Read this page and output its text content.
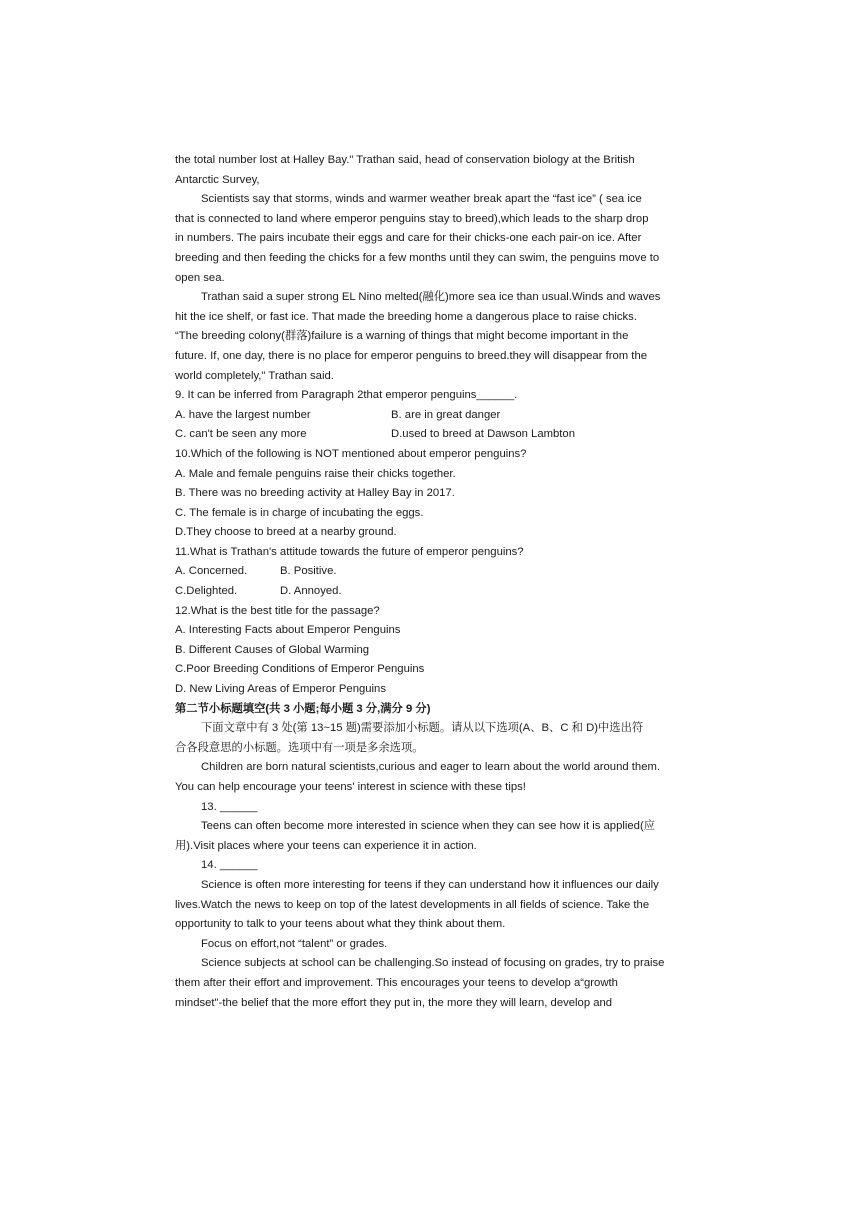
the total number lost at Halley Bay." Trathan said, head of conservation biology at the British
Antarctic Survey,
Scientists say that storms, winds and warmer weather break apart the “fast ice” ( sea ice
that is connected to land where emperor penguins stay to breed),which leads to the sharp drop
in numbers. The pairs incubate their eggs and care for their chicks-one each pair-on ice. After
breeding and then feeding the chicks for a few months until they can swim, the penguins move to
open sea.
Trathan said a super strong EL Nino melted(融化)more sea ice than usual.Winds and waves
hit the ice shelf, or fast ice. That made the breeding home a dangerous place to raise chicks.
“The breeding colony(群落)failure is a warning of things that might become important in the
future. If, one day, there is no place for emperor penguins to breed.they will disappear from the
world completely," Trathan said.
9. It can be inferred from Paragraph 2that emperor penguins______.
A. have the largest number	B. are in great danger
C. can't be seen any more	D.used to breed at Dawson Lambton
10.Which of the following is NOT mentioned about emperor penguins?
A. Male and female penguins raise their chicks together.
B. There was no breeding activity at Halley Bay in 2017.
C. The female is in charge of incubating the eggs.
D.They choose to breed at a nearby ground.
11.What is Trathan's attitude towards the future of emperor penguins?
A. Concerned.	B. Positive.
C.Delighted.	D. Annoyed.
12.What is the best title for the passage?
A. Interesting Facts about Emperor Penguins
B. Different Causes of Global Warming
C.Poor Breeding Conditions of Emperor Penguins
D. New Living Areas of Emperor Penguins
第二节小标题填空(共 3 小题;每小题 3 分,满分 9 分)
下面文章中有 3 处(第 13~15 题)需要添加小标题。请从以下选项(A、B、C 和 D)中选出符
合各段意思的小标题。选项中有一项是多余选项。
Children are born natural scientists,curious and eager to learn about the world around them.
You can help encourage your teens' interest in science with these tips!
13. ______
Teens can often become more interested in science when they can see how it is applied(应
用).Visit places where your teens can experience it in action.
14. ______
Science is often more interesting for teens if they can understand how it influences our daily
lives.Watch the news to keep on top of the latest developments in all fields of science. Take the
opportunity to talk to your teens about what they think about them.
Focus on effort,not “talent” or grades.
Science subjects at school can be challenging.So instead of focusing on grades, try to praise
them after their effort and improvement. This encourages your teens to develop a“growth
mindset"-the belief that the more effort they put in, the more they will learn, develop and
